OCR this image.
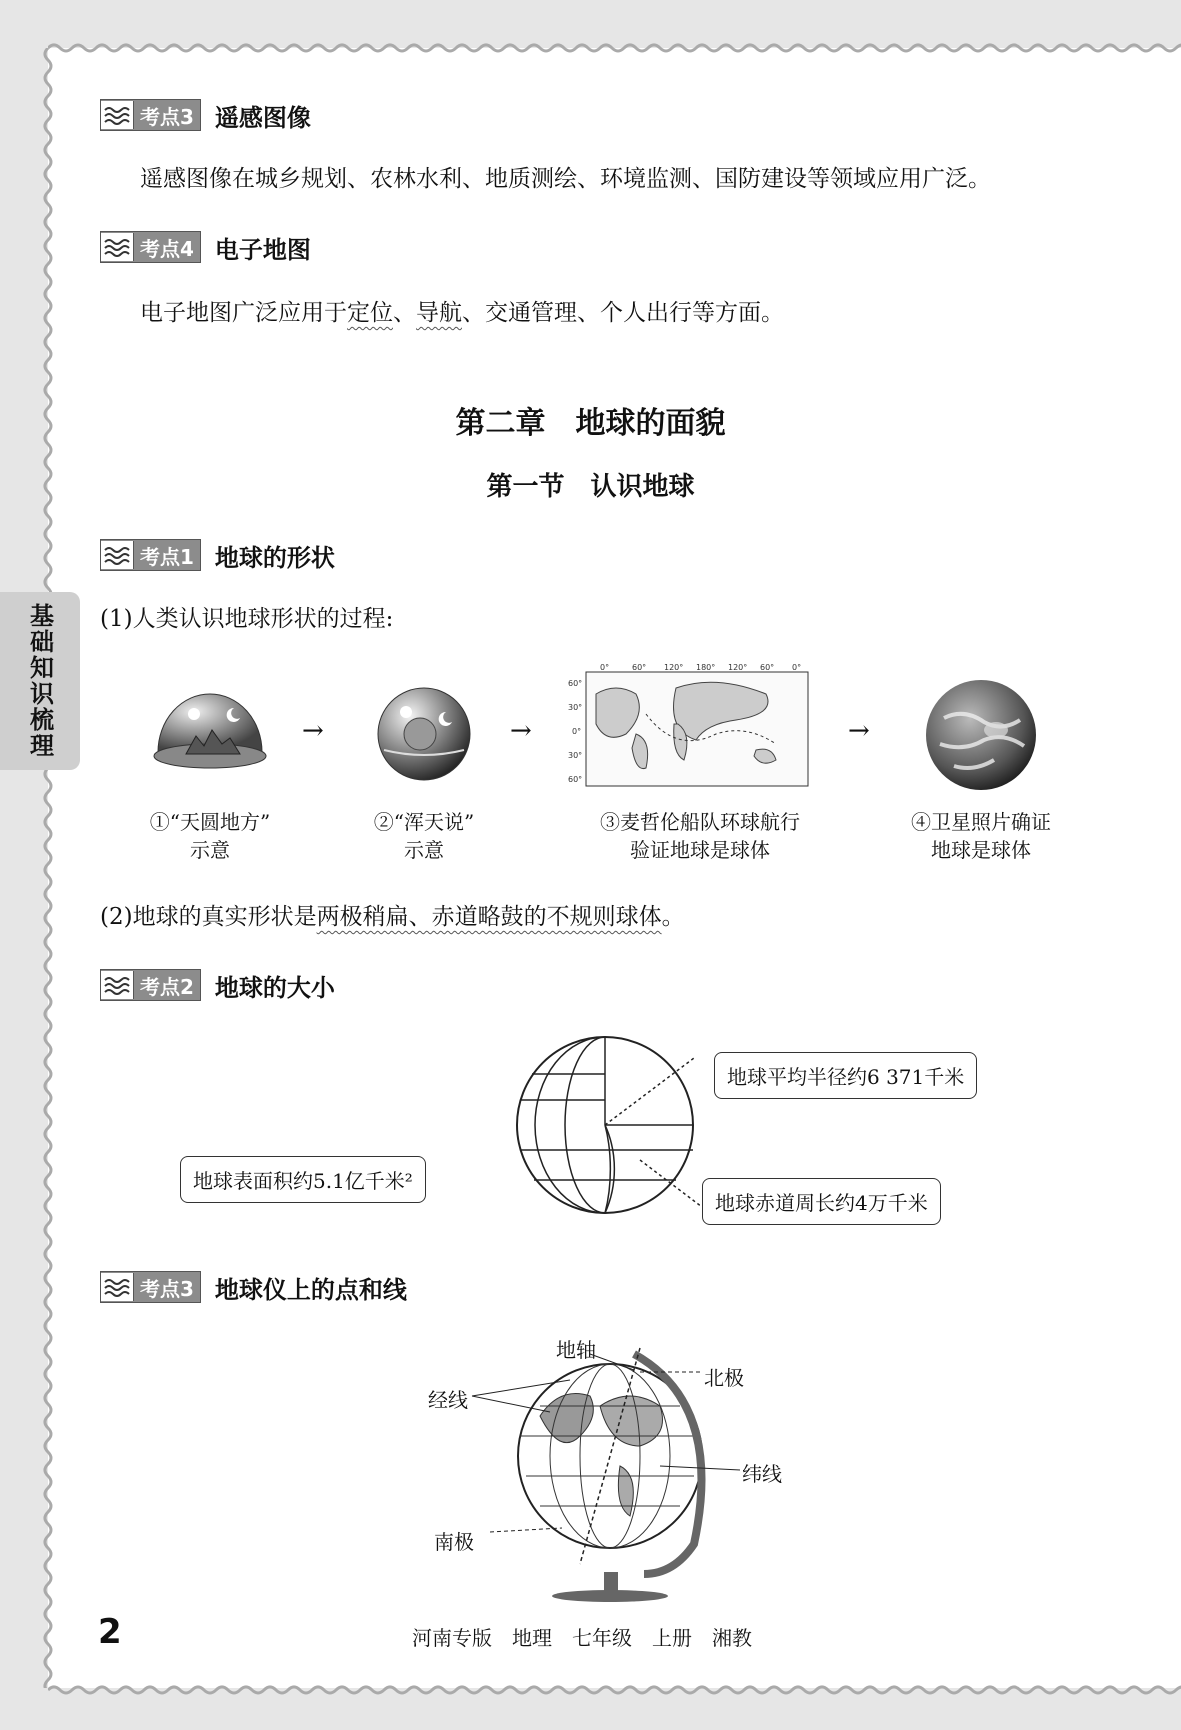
基础知识梳理
考点3 遥感图像
遥感图像在城乡规划、农林水利、地质测绘、环境监测、国防建设等领域应用广泛。
考点4 电子地图
电子地图广泛应用于定位、导航、交通管理、个人出行等方面。
第二章　地球的面貌
第一节　认识地球
考点1 地球的形状
(1)人类认识地球形状的过程:
→	→
0°	60° 120° 180° 120° 60° 0°
60°
30°
0°
30°
60°
→
①“天圆地方”
示意
②“浑天说”
示意
③麦哲伦船队环球航行
验证地球是球体
④卫星照片确证
地球是球体
(2)地球的真实形状是两极稍扁、赤道略鼓的不规则球体。
考点2 地球的大小
地球平均半径约6 371千米
地球表面积约5.1亿千米²
地球赤道周长约4万千米
考点3 地球仪上的点和线
地轴
北极
经线
纬线
南极
2	河南专版　地理　七年级　上册　湘教
